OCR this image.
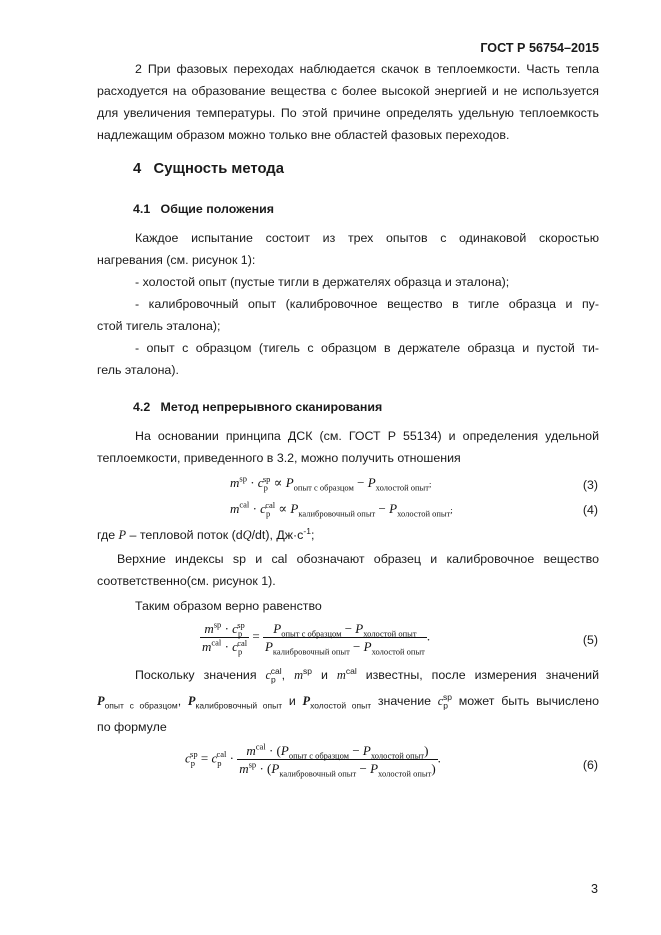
ГОСТ Р 56754–2015
2 При фазовых переходах наблюдается скачок в теплоемкости. Часть тепла
расходуется на образование вещества с более высокой энергией и не используется
для увеличения температуры. По этой причине определять удельную теплоемкость
надлежащим образом можно только вне областей фазовых переходов.
4   Сущность метода
4.1   Общие положения
Каждое испытание состоит из трех опытов с одинаковой скоростью
нагревания (см. рисунок 1):
- холостой опыт (пустые тигли в держателях образца и эталона);
- калибровочный опыт (калибровочное вещество в тигле образца и пу-
стой тигель эталона);
- опыт с образцом (тигель с образцом в держателе образца и пустой ти-
гель эталона).
4.2   Метод непрерывного сканирования
На основании принципа ДСК (см. ГОСТ Р 55134) и определения удельной
теплоемкости, приведенного в 3.2, можно получить отношения
$m^{sp} \cdot c_p^{sp} \propto P_{опыт с образцом} - P_{холостой опыт}$;	(3)
$m^{cal} \cdot c_p^{cal} \propto P_{калибровочный опыт} - P_{холостой опыт}$;	(4)
где P – тепловой поток (dQ/dt), $Дж\cdot с^{-1}$;
Верхние индексы sp и cal обозначают образец и калибровочное вещество
соответственно(см. рисунок 1).
Таким образом верно равенство
$\frac{m^{sp} \cdot c_p^{sp}}{m^{cal} \cdot c_p^{cal}} = \frac{P_{опыт с образцом} - P_{холостой опыт}}{P_{калибровочный опыт} - P_{холостой опыт}}$ .	(5)
Поскольку значения $c_p^{cal}$, $m^{sp}$ и $m^{cal}$ известны, после измерения значений
$P_{опыт с образцом}$, $P_{калибровочный опыт}$ и $P_{холостой опыт}$ значение $c_p^{sp}$ может быть вычислено
по формуле
$c_p^{sp} = c_p^{cal} \cdot \frac{m^{cal} \cdot (P_{опыт с образцом} - P_{холостой опыт})}{m^{sp} \cdot (P_{калибровочный опыт} - P_{холостой опыт})}$ .	(6)
3
